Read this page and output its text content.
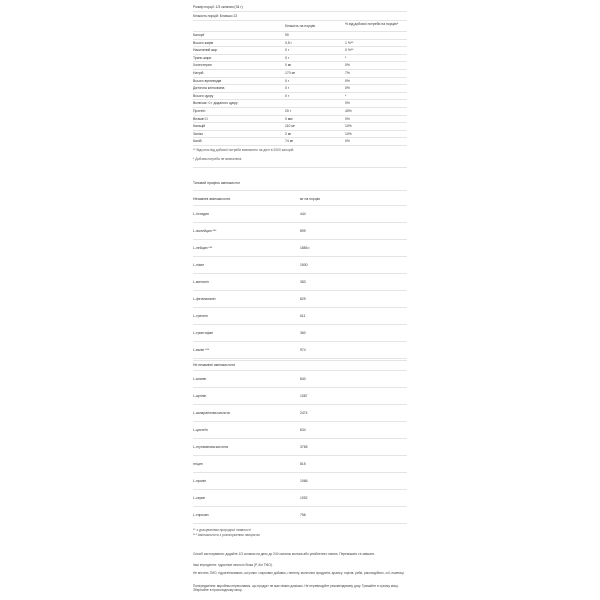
Розмір порції: 1/3 склянки (34 г)
Кількість порцій: Близько 22
Кількість на порцію	% від добової потреби на порцію*
Калорії	90
Всього жирів	0,5 г	1 %**
Насичений жир	0 г	0 %**
Транс-жири	0 г	*
Холестерин	0 мг	0%
Натрій	170 мг	7%
Всього вуглеводів	0 г	0%
Дієтична клітковина	0 г	0%
Всього цукру	0 г	*
Включає: 0 г доданого цукру	0%
Протеїн	20 г	40%
Вітамін D	0 мкг	0%
Кальцій	110 мг	10%
Залізо	2 мг	10%
Калій	74 мг	0%
** Відсоток від добової потреби визначено на дієті в 2000 калорій.
* Добова потреба не визначена.
Типовий профіль амінокислот
Незамінні амінокислоти	мг на порцію
L-гістидин	444
L-ізолейцин ***	899
L-лейцин ***	1856 г.
L-лізин	1500
L-метіонін	383
L-фенілаланін	829
L-треонін	611
L-триптофан	360
L-валін ***	974
Не незамінні амінокислоти
L-аланін	840
L-аргінін	1087
L-аспарагінова кислота	2474
L-цистеїн	634
L-глутамінова кислота	3765
гліцин	815
L-пролін	1066
L-серин	1092
L-тирозин	756
** з урахуванням природної наявності
*** Амінокислоти з розгалуженим ланцюгом
Спосіб застосування: додайте 1/3 склянки на день до 240 склянок молока або улюбленого напою. Перемішати та змішати.
Інші інгредієнти: гідролізат яєчного білка (P. Кін ТМО).
Не містить ГМО, гідрогенізованих, штучних і харчових добавок, глютену, молочних продуктів, арахісу, горіхів, риби, ракоподібних, сої, пшениці.
Попередження: виробник переконався, що продукт не має ніяких домішок. Не перевищуйте рекомендовану дозу. Тримайте в сухому місці. Зберігайте в прохолодному місці.
